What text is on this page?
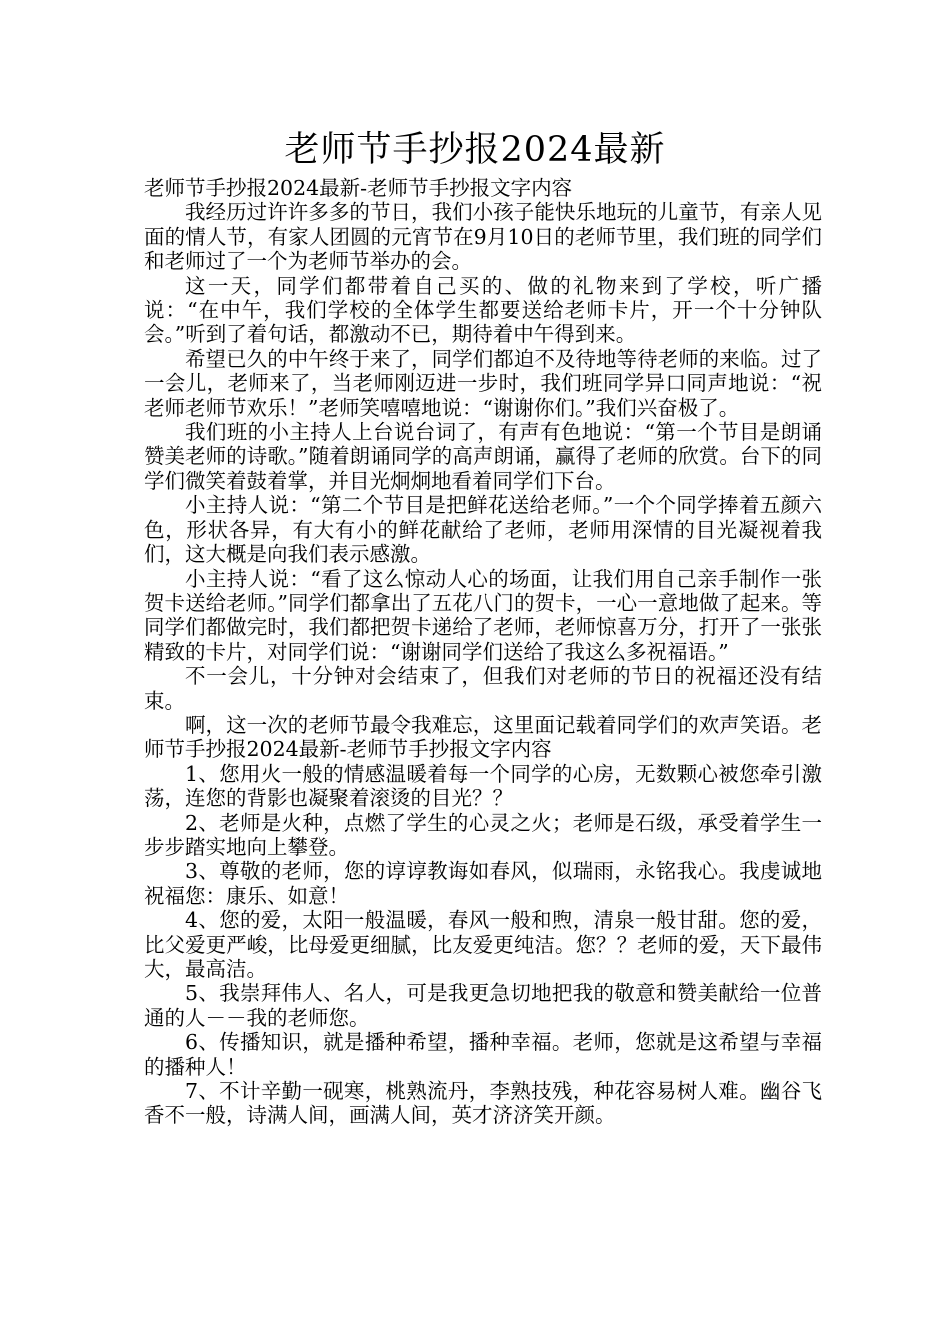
老师节手抄报2024最新

老师节手抄报2024最新-老师节手抄报文字内容

我经历过许许多多的节日，我们小孩子能快乐地玩的儿童节，有亲人见面的情人节，有家人团圆的元宵节在9月10日的老师节里，我们班的同学们和老师过了一个为老师节举办的会。

这一天，同学们都带着自己买的、做的礼物来到了学校，听广播说：“在中午，我们学校的全体学生都要送给老师卡片，开一个十分钟队会。”听到了着句话，都激动不已，期待着中午得到来。

希望已久的中午终于来了，同学们都迫不及待地等待老师的来临。过了一会儿，老师来了，当老师刚迈进一步时，我们班同学异口同声地说：“祝老师老师节欢乐！”老师笑嘻嘻地说：“谢谢你们。”我们兴奋极了。

我们班的小主持人上台说台词了，有声有色地说：“第一个节目是朗诵赞美老师的诗歌。”随着朗诵同学的高声朗诵，赢得了老师的欣赏。台下的同学们微笑着鼓着掌，并目光炯炯地看着同学们下台。

小主持人说：“第二个节目是把鲜花送给老师。”一个个同学捧着五颜六色，形状各异，有大有小的鲜花献给了老师，老师用深情的目光凝视着我们，这大概是向我们表示感激。

小主持人说：“看了这么惊动人心的场面，让我们用自己亲手制作一张贺卡送给老师。”同学们都拿出了五花八门的贺卡，一心一意地做了起来。等同学们都做完时，我们都把贺卡递给了老师，老师惊喜万分，打开了一张张精致的卡片，对同学们说：“谢谢同学们送给了我这么多祝福语。”

不一会儿，十分钟对会结束了，但我们对老师的节日的祝福还没有结束。

啊，这一次的老师节最令我难忘，这里面记载着同学们的欢声笑语。老师节手抄报2024最新-老师节手抄报文字内容

1、您用火一般的情感温暖着每一个同学的心房，无数颗心被您牵引激荡，连您的背影也凝聚着滚烫的目光？？

2、老师是火种，点燃了学生的心灵之火；老师是石级，承受着学生一步步踏实地向上攀登。

3、尊敬的老师，您的谆谆教诲如春风，似瑞雨，永铭我心。我虔诚地祝福您：康乐、如意！

4、您的爱，太阳一般温暖，春风一般和煦，清泉一般甘甜。您的爱，比父爱更严峻，比母爱更细腻，比友爱更纯洁。您？？老师的爱，天下最伟大，最高洁。

5、我崇拜伟人、名人，可是我更急切地把我的敬意和赞美献给一位普通的人－－我的老师您。

6、传播知识，就是播种希望，播种幸福。老师，您就是这希望与幸福的播种人！

7、不计辛勤一砚寒，桃熟流丹，李熟技残，种花容易树人难。幽谷飞香不一般，诗满人间，画满人间，英才济济笑开颜。
